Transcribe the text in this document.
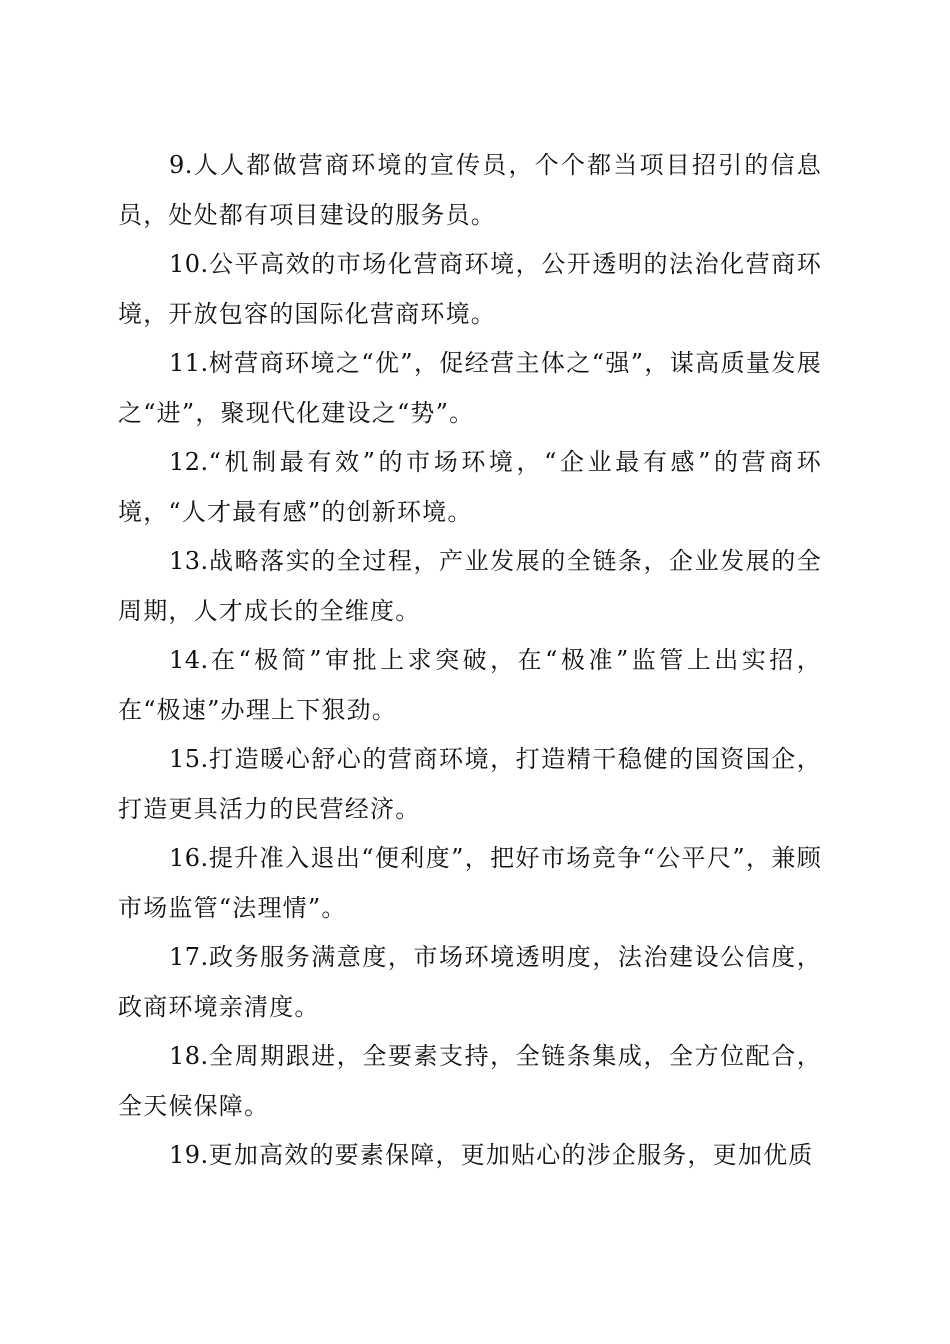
9.人人都做营商环境的宣传员，个个都当项目招引的信息员，处处都有项目建设的服务员。

10.公平高效的市场化营商环境，公开透明的法治化营商环境，开放包容的国际化营商环境。

11.树营商环境之“优”，促经营主体之“强”，谋高质量发展之“进”，聚现代化建设之“势”。

12.“机制最有效”的市场环境，“企业最有感”的营商环境，“人才最有感”的创新环境。

13.战略落实的全过程，产业发展的全链条，企业发展的全周期，人才成长的全维度。

14.在“极简”审批上求突破，在“极准”监管上出实招，在“极速”办理上下狠劲。

15.打造暖心舒心的营商环境，打造精干稳健的国资国企，打造更具活力的民营经济。

16.提升准入退出“便利度”，把好市场竞争“公平尺”，兼顾市场监管“法理情”。

17.政务服务满意度，市场环境透明度，法治建设公信度，政商环境亲清度。

18.全周期跟进，全要素支持，全链条集成，全方位配合，全天候保障。

19.更加高效的要素保障，更加贴心的涉企服务，更加优质
